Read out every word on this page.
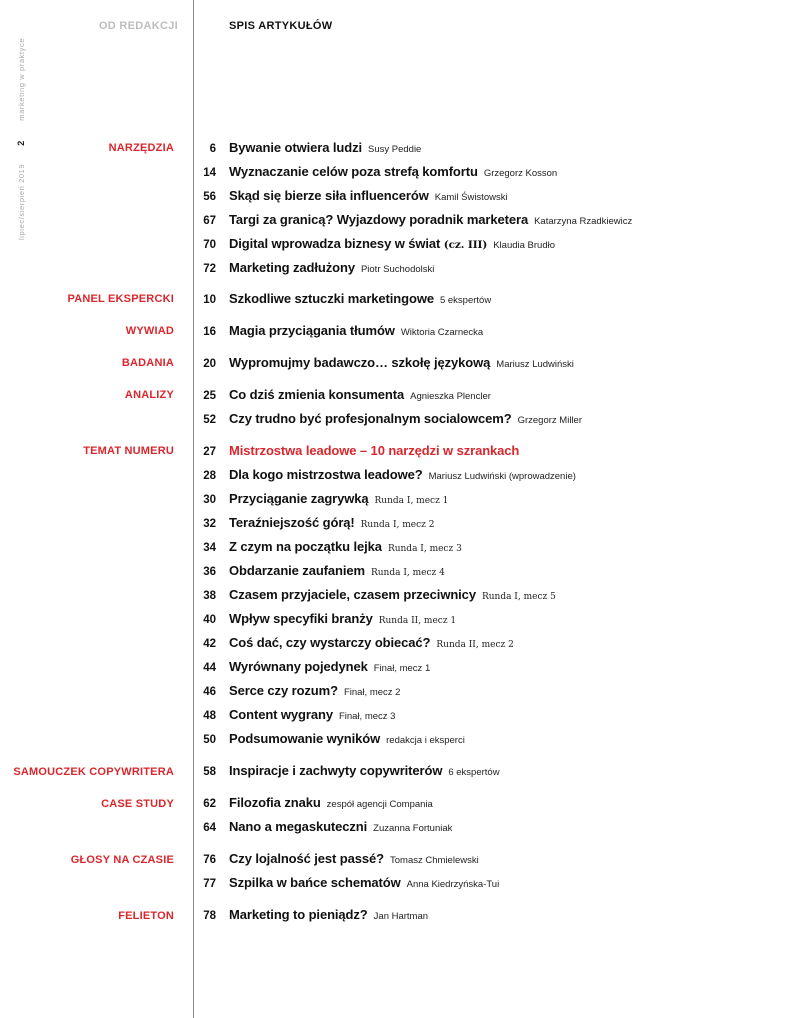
OD REDAKCJI	SPIS ARTYKUŁÓW
lipiec/sierpień 20192marketing w praktyce
NARZĘDZIA
PANEL EKSPERCKI
WYWIAD
BADANIA
ANALIZY
TEMAT NUMERU
SAMOUCZEK COPYWRITERA
CASE STUDY
GŁOSY NA CZASIE
FELIETON
6 Bywanie otwiera ludzi Susy Peddie
14 Wyznaczanie celów poza strefą komfortu Grzegorz Kosson
56 Skąd się bierze siła influencerów Kamil Świstowski
67 Targi za granicą? Wyjazdowy poradnik marketera Katarzyna Rzadkiewicz
70 Digital wprowadza biznesy w świat (cz. III) Klaudia Brudło
72 Marketing zadłużony Piotr Suchodolski
10 Szkodliwe sztuczki marketingowe 5 ekspertów
16 Magia przyciągania tłumów Wiktoria Czarnecka
20 Wypromujmy badawczo… szkołę językową Mariusz Ludwiński
25 Co dziś zmienia konsumenta Agnieszka Plencler
52 Czy trudno być profesjonalnym socialowcem? Grzegorz Miller
27 Mistrzostwa leadowe – 10 narzędzi w szrankach
28 Dla kogo mistrzostwa leadowe? Mariusz Ludwiński (wprowadzenie)
30 Przyciąganie zagrywką Runda I, mecz 1
32 Teraźniejszość górą! Runda I, mecz 2
34 Z czym na początku lejka Runda I, mecz 3
36 Obdarzanie zaufaniem Runda I, mecz 4
38 Czasem przyjaciele, czasem przeciwnicy Runda I, mecz 5
40 Wpływ specyfiki branży Runda II, mecz 1
42 Coś dać, czy wystarczy obiecać? Runda II, mecz 2
44 Wyrównany pojedynek Finał, mecz 1
46 Serce czy rozum? Finał, mecz 2
48 Content wygrany Finał, mecz 3
50 Podsumowanie wyników redakcja i eksperci
58 Inspiracje i zachwyty copywriterów 6 ekspertów
62 Filozofia znaku zespół agencji Compania
64 Nano a megaskuteczni Zuzanna Fortuniak
76 Czy lojalność jest passé? Tomasz Chmielewski
77 Szpilka w bańce schematów Anna Kiedrzyńska-Tui
78 Marketing to pieniądz? Jan Hartman
